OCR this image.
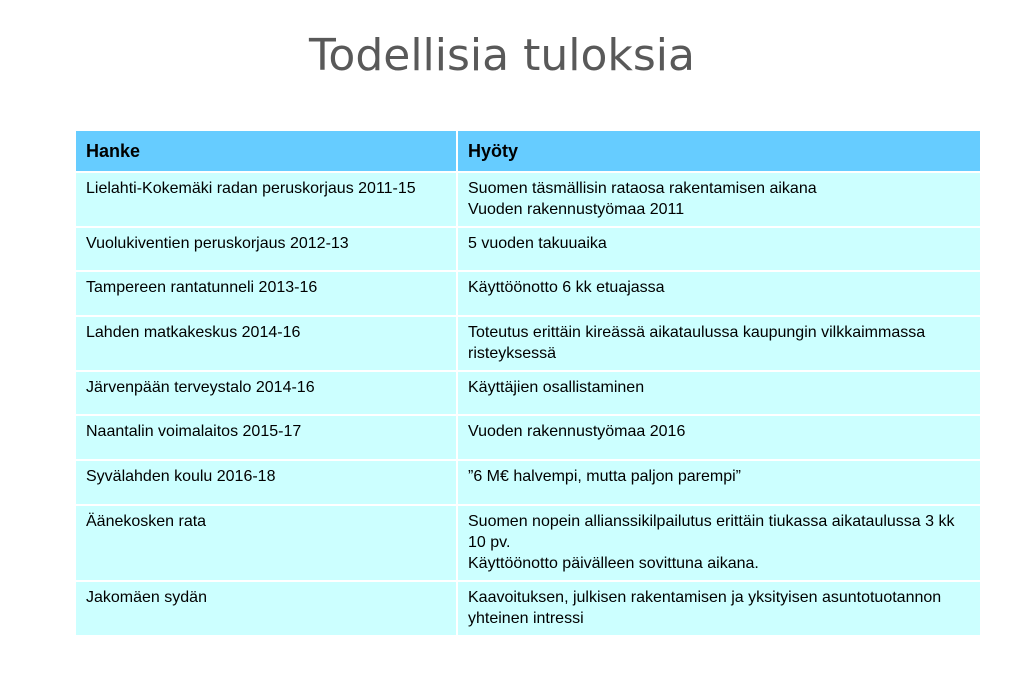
Todellisia tuloksia
Hanke	Hyöty

Lielahti-Kokemäki radan peruskorjaus 2011-15	Suomen täsmällisin rataosa rakentamisen aikana
Vuoden rakennustyömaa 2011

Vuolukiventien peruskorjaus 2012-13	5 vuoden takuuaika

Tampereen rantatunneli 2013-16	Käyttöönotto 6 kk etuajassa

Lahden matkakeskus 2014-16	Toteutus erittäin kireässä aikataulussa kaupungin vilkkaimmassa risteyksessä

Järvenpään terveystalo 2014-16	Käyttäjien osallistaminen

Naantalin voimalaitos 2015-17	Vuoden rakennustyömaa 2016

Syvälahden koulu 2016-18	”6 M€ halvempi, mutta paljon parempi”

Äänekosken rata	Suomen nopein allianssikilpailutus erittäin tiukassa aikataulussa 3 kk 10 pv.
Käyttöönotto päivälleen sovittuna aikana.

Jakomäen sydän	Kaavoituksen, julkisen rakentamisen ja yksityisen asuntotuotannon yhteinen intressi
